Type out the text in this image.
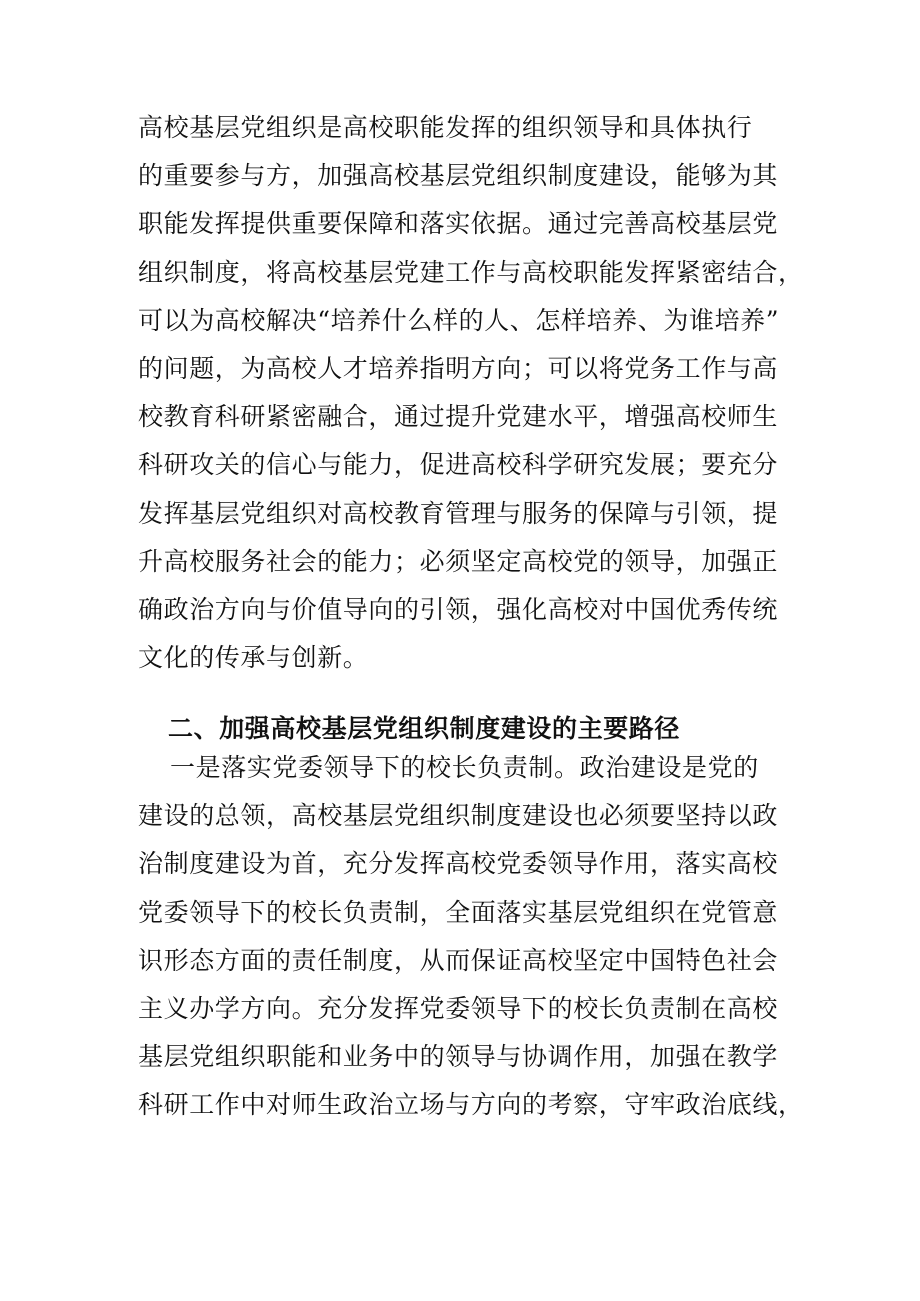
高校基层党组织是高校职能发挥的组织领导和具体执行
的重要参与方，加强高校基层党组织制度建设，能够为其
职能发挥提供重要保障和落实依据。通过完善高校基层党
组织制度，将高校基层党建工作与高校职能发挥紧密结合，
可以为高校解决“培养什么样的人、怎样培养、为谁培养”
的问题，为高校人才培养指明方向；可以将党务工作与高
校教育科研紧密融合，通过提升党建水平，增强高校师生
科研攻关的信心与能力，促进高校科学研究发展；要充分
发挥基层党组织对高校教育管理与服务的保障与引领，提
升高校服务社会的能力；必须坚定高校党的领导，加强正
确政治方向与价值导向的引领，强化高校对中国优秀传统
文化的传承与创新。
二、加强高校基层党组织制度建设的主要路径
一是落实党委领导下的校长负责制。政治建设是党的
建设的总领，高校基层党组织制度建设也必须要坚持以政
治制度建设为首，充分发挥高校党委领导作用，落实高校
党委领导下的校长负责制，全面落实基层党组织在党管意
识形态方面的责任制度，从而保证高校坚定中国特色社会
主义办学方向。充分发挥党委领导下的校长负责制在高校
基层党组织职能和业务中的领导与协调作用，加强在教学
科研工作中对师生政治立场与方向的考察，守牢政治底线，
